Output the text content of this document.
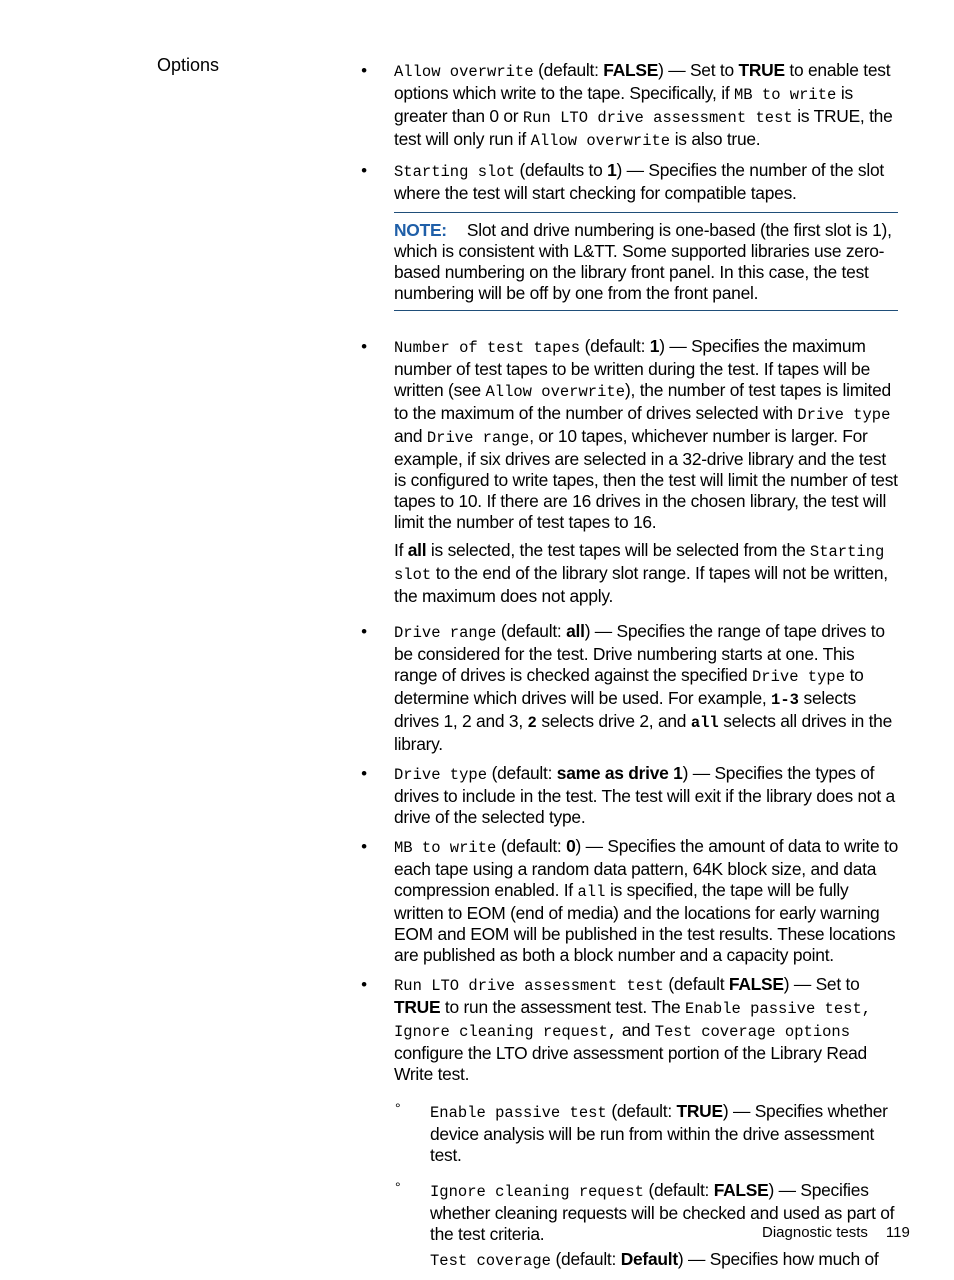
Options	• Allow overwrite (default: FALSE) — Set to TRUE to enable test options which write to the tape. Specifically, if MB to write is greater than 0 or Run LTO drive assessment test is TRUE, the test will only run if Allow overwrite is also true.

• Starting slot (defaults to 1) — Specifies the number of the slot where the test will start checking for compatible tapes.

NOTE: Slot and drive numbering is one-based (the first slot is 1), which is consistent with L&TT. Some supported libraries use zero-based numbering on the library front panel. In this case, the test numbering will be off by one from the front panel.

• Number of test tapes (default: 1) — Specifies the maximum number of test tapes to be written during the test. If tapes will be written (see Allow overwrite), the number of test tapes is limited to the maximum of the number of drives selected with Drive type and Drive range, or 10 tapes, whichever number is larger. For example, if six drives are selected in a 32-drive library and the test is configured to write tapes, then the test will limit the number of test tapes to 10. If there are 16 drives in the chosen library, the test will limit the number of test tapes to 16.

If all is selected, the test tapes will be selected from the Starting slot to the end of the library slot range. If tapes will not be written, the maximum does not apply.

• Drive range (default: all) — Specifies the range of tape drives to be considered for the test. Drive numbering starts at one. This range of drives is checked against the specified Drive type to determine which drives will be used. For example, 1-3 selects drives 1, 2 and 3, 2 selects drive 2, and all selects all drives in the library.

• Drive type (default: same as drive 1) — Specifies the types of drives to include in the test. The test will exit if the library does not a drive of the selected type.

• MB to write (default: 0) — Specifies the amount of data to write to each tape using a random data pattern, 64K block size, and data compression enabled. If all is specified, the tape will be fully written to EOM (end of media) and the locations for early warning EOM and EOM will be published in the test results. These locations are published as both a block number and a capacity point.

• Run LTO drive assessment test (default FALSE) — Set to TRUE to run the assessment test. The Enable passive test, Ignore cleaning request, and Test coverage options configure the LTO drive assessment portion of the Library Read Write test.

° Enable passive test (default: TRUE) — Specifies whether device analysis will be run from within the drive assessment test.

° Ignore cleaning request (default: FALSE) — Specifies whether cleaning requests will be checked and used as part of the test criteria.

Test coverage (default: Default) — Specifies how much of

Diagnostic tests 119
